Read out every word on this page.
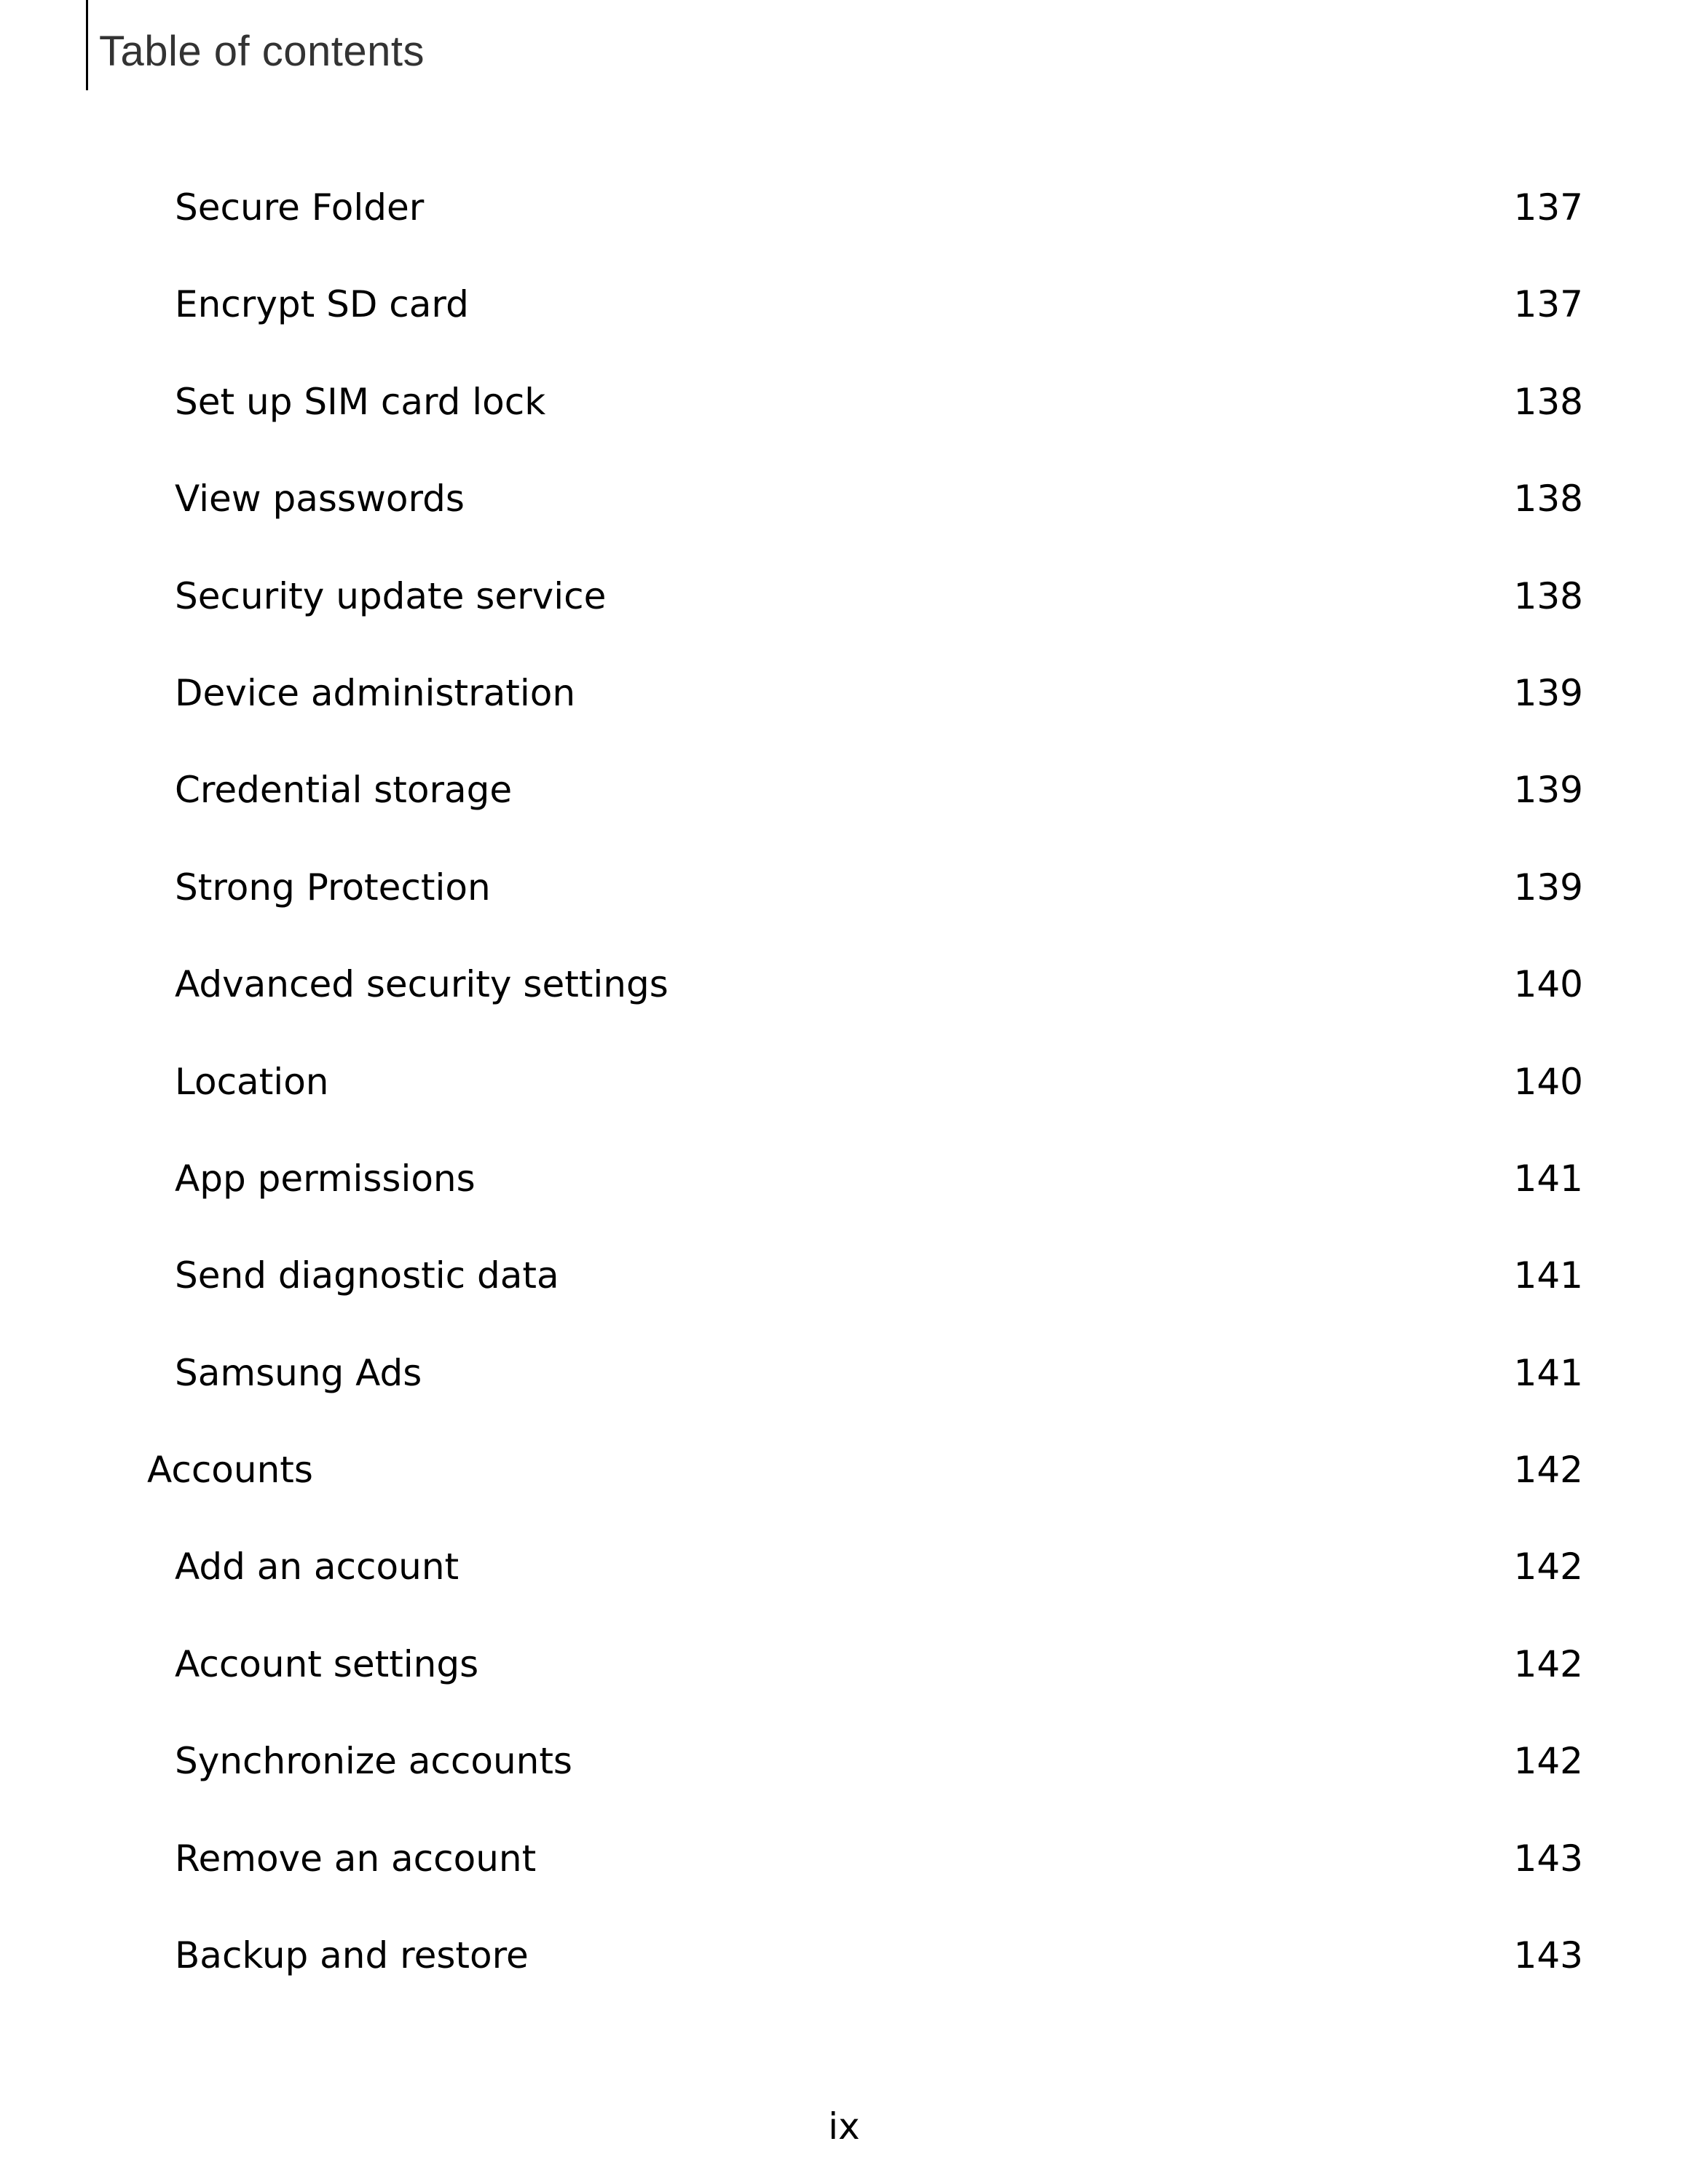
Table of contents
Secure Folder	137
Encrypt SD card	137
Set up SIM card lock	138
View passwords	138
Security update service	138
Device administration	139
Credential storage	139
Strong Protection	139
Advanced security settings	140
Location	140
App permissions	141
Send diagnostic data	141
Samsung Ads	141
Accounts	142
Add an account	142
Account settings	142
Synchronize accounts	142
Remove an account	143
Backup and restore	143
ix
